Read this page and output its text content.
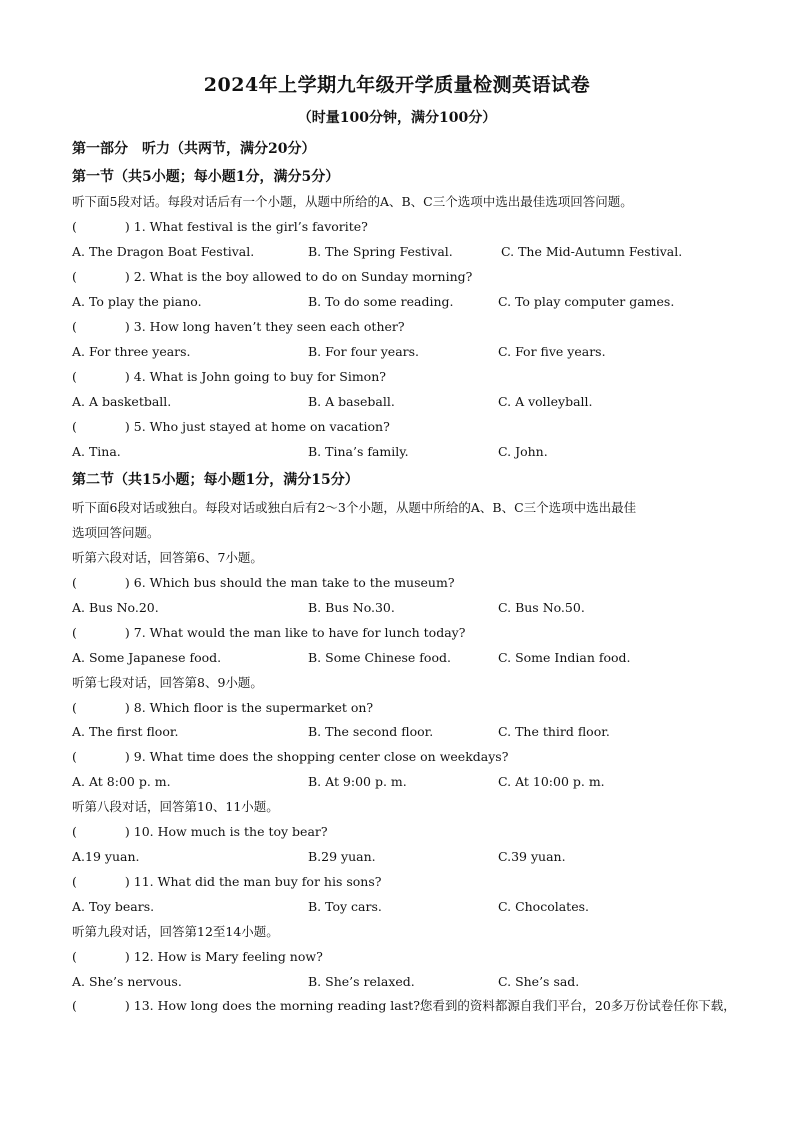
2024年上学期九年级开学质量检测英语试卷
（时量100分钟，满分100分）
第一部分　听力（共两节，满分20分）
第一节（共5小题；每小题1分，满分5分）
听下面5段对话。每段对话后有一个小题，从题中所给的A、B、C三个选项中选出最佳选项回答问题。
(	) 1. What festival is the girl’s favorite?
A. The Dragon Boat Festival.	B. The Spring Festival.	C. The Mid-Autumn Festival.
(	) 2. What is the boy allowed to do on Sunday morning?
A. To play the piano.	B. To do some reading.	C. To play computer games.
(	) 3. How long haven’t they seen each other?
A. For three years.	B. For four years.	C. For five years.
(	) 4. What is John going to buy for Simon?
A. A basketball.	B. A baseball.	C. A volleyball.
(	) 5. Who just stayed at home on vacation?
A. Tina.	B. Tina’s family.	C. John.
第二节（共15小题；每小题1分，满分15分）
听下面6段对话或独白。每段对话或独白后有2～3个小题，从题中所给的A、B、C三个选项中选出最佳
选项回答问题。
听第六段对话，回答第6、7小题。
(	) 6. Which bus should the man take to the museum?
A. Bus No.20.	B. Bus No.30.	C. Bus No.50.
(	) 7. What would the man like to have for lunch today?
A. Some Japanese food.	B. Some Chinese food.	C. Some Indian food.
听第七段对话，回答第8、9小题。
(	) 8. Which floor is the supermarket on?
A. The first floor.	B. The second floor.	C. The third floor.
(	) 9. What time does the shopping center close on weekdays?
A. At 8:00 p. m.	B. At 9:00 p. m.	C. At 10:00 p. m.
听第八段对话，回答第10、11小题。
(	) 10. How much is the toy bear?
A.19 yuan.	B.29 yuan.	C.39 yuan.
(	) 11. What did the man buy for his sons?
A. Toy bears.	B. Toy cars.	C. Chocolates.
听第九段对话，回答第12至14小题。
(	) 12. How is Mary feeling now?
A. She’s nervous.	B. She’s relaxed.	C. She’s sad.
(	) 13. How long does the morning reading last?您看到的资料都源自我们平台，20多万份试卷任你下载，
